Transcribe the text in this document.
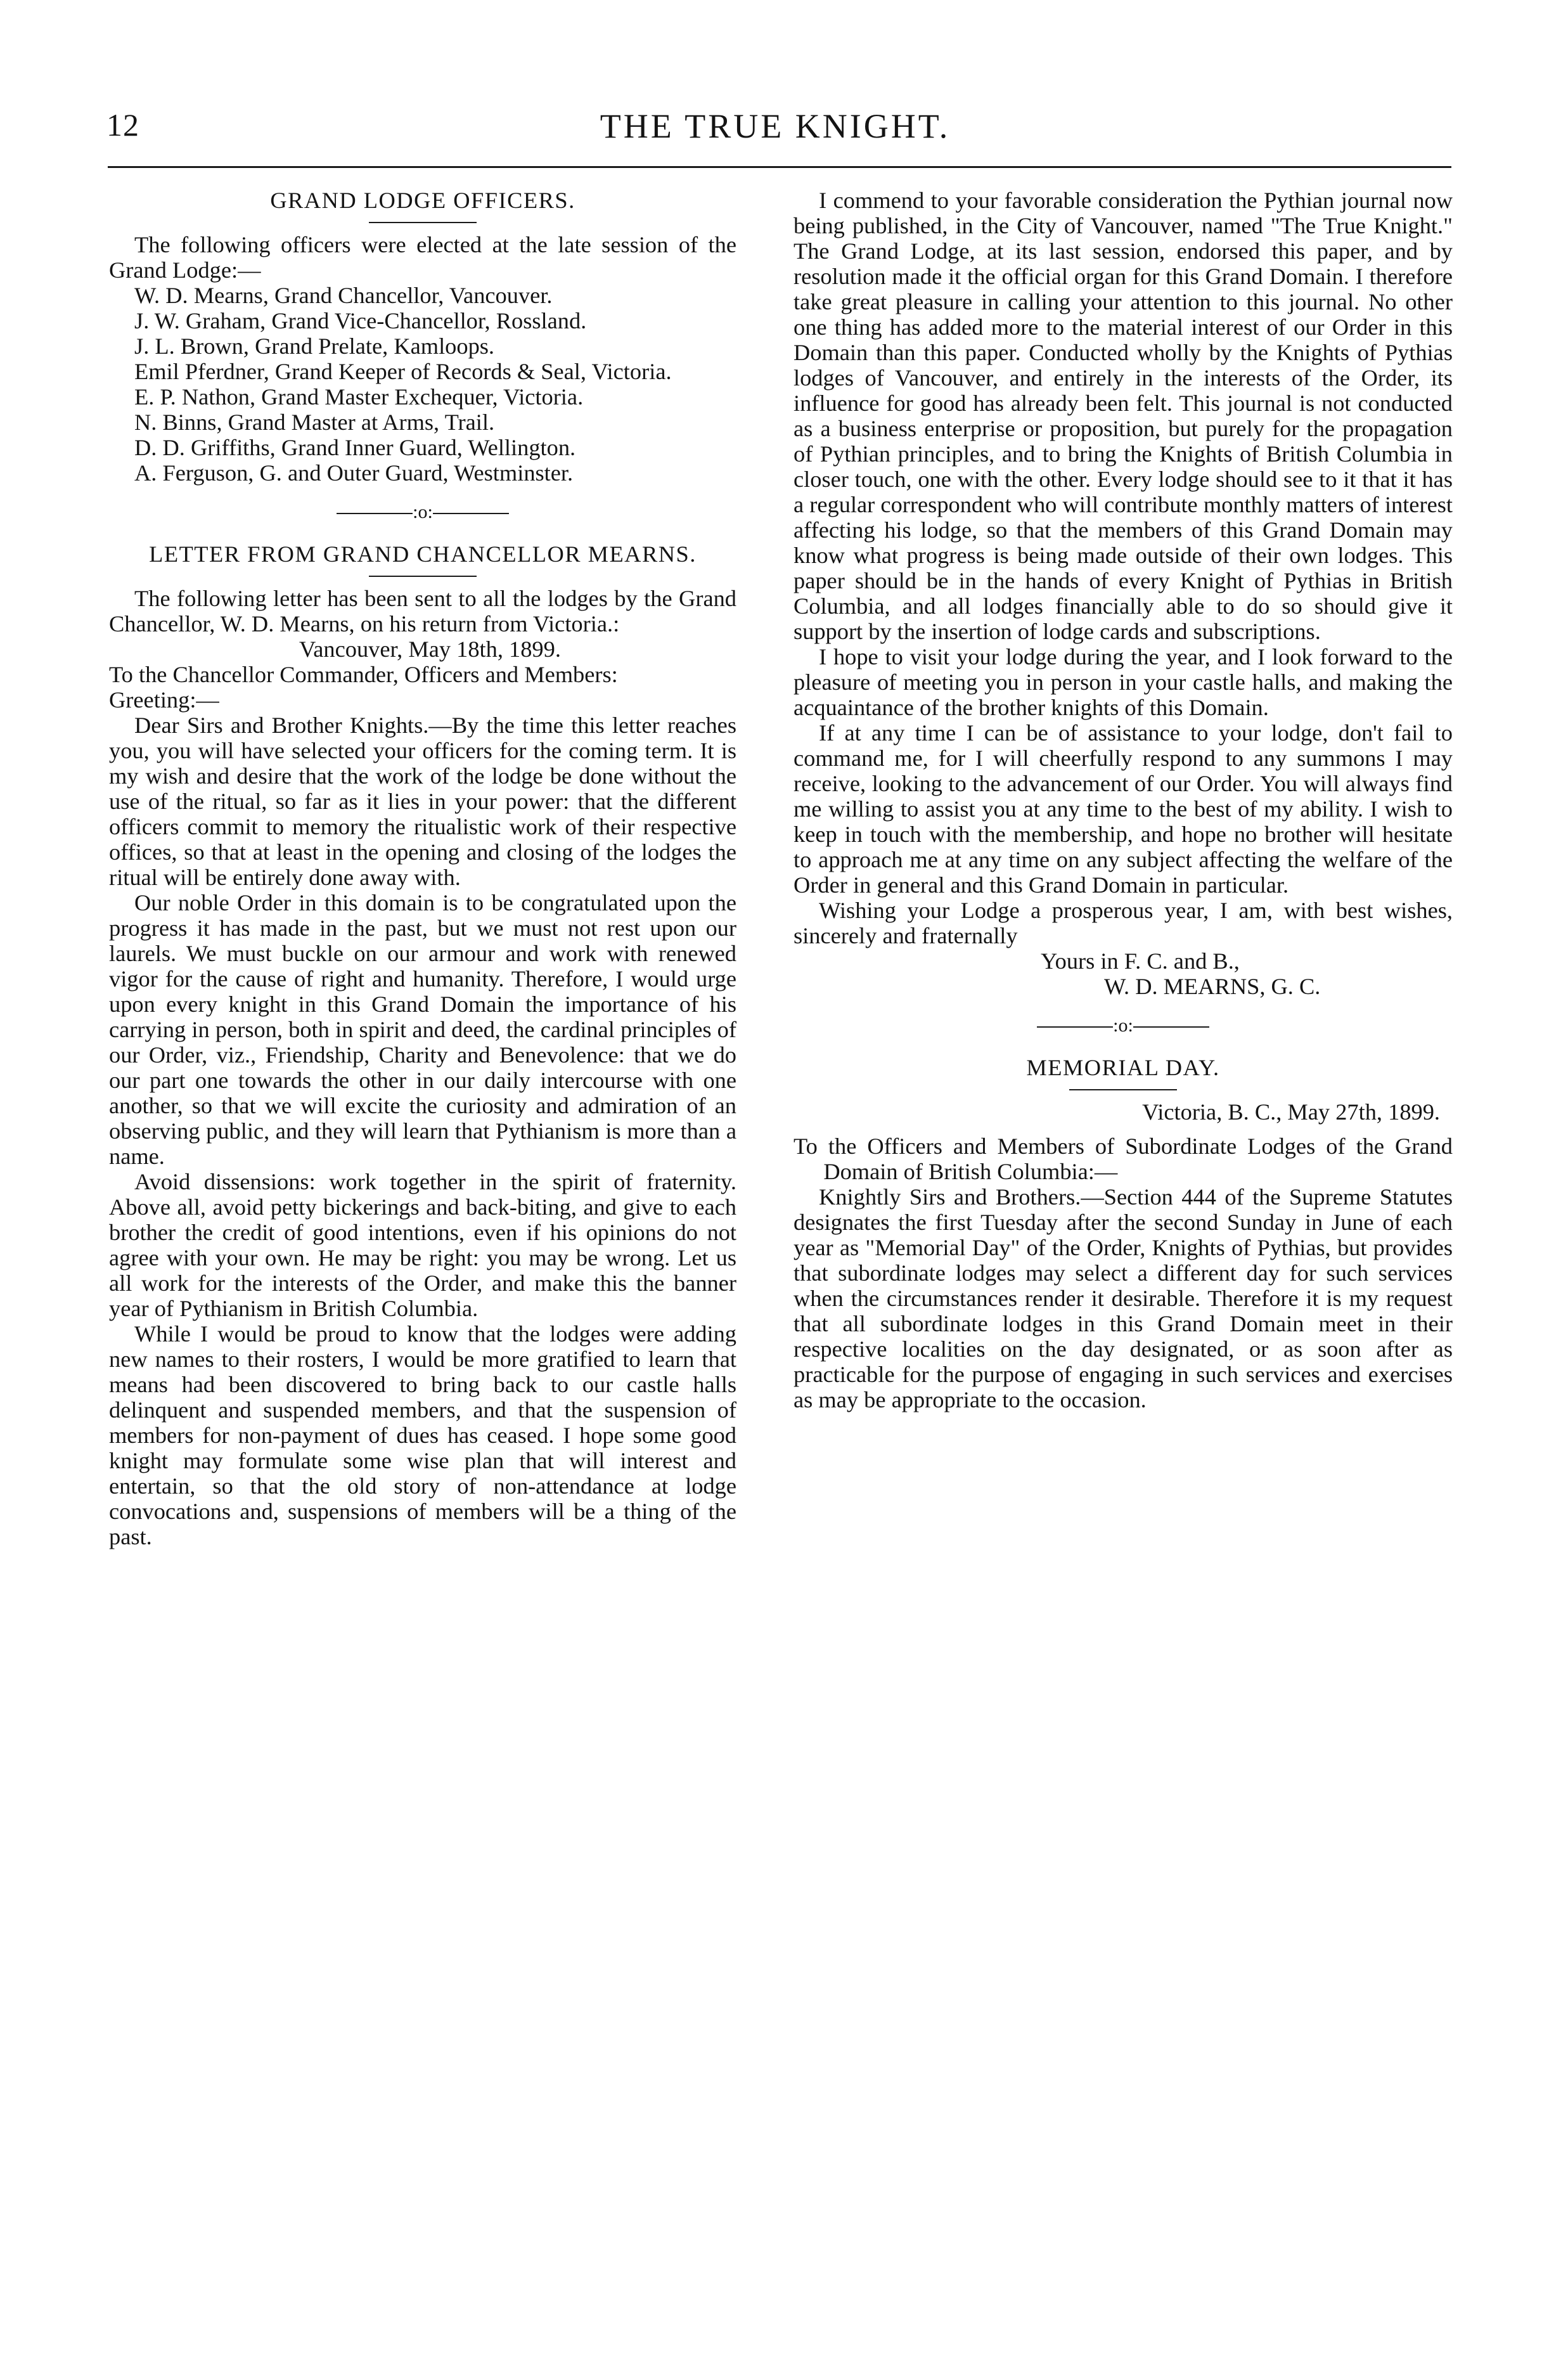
12	THE TRUE KNIGHT.
GRAND LODGE OFFICERS.

The following officers were elected at the late session of the Grand Lodge:—

W. D. Mearns, Grand Chancellor, Vancouver.

J. W. Graham, Grand Vice-Chancellor, Rossland.

J. L. Brown, Grand Prelate, Kamloops.

Emil Pferdner, Grand Keeper of Records & Seal, Victoria.

E. P. Nathon, Grand Master Exchequer, Victoria.

N. Binns, Grand Master at Arms, Trail.

D. D. Griffiths, Grand Inner Guard, Wellington.

A. Ferguson, G. and Outer Guard, Westminster.

:o:
LETTER FROM GRAND CHANCELLOR MEARNS.

The following letter has been sent to all the lodges by the Grand Chancellor, W. D. Mearns, on his return from Victoria.:

Vancouver, May 18th, 1899.

To the Chancellor Commander, Officers and Members:

Greeting:—

Dear Sirs and Brother Knights.—By the time this letter reaches you, you will have selected your officers for the coming term. It is my wish and desire that the work of the lodge be done without the use of the ritual, so far as it lies in your power: that the different officers commit to memory the ritualistic work of their respective offices, so that at least in the opening and closing of the lodges the ritual will be entirely done away with.

Our noble Order in this domain is to be congratulated upon the progress it has made in the past, but we must not rest upon our laurels. We must buckle on our armour and work with renewed vigor for the cause of right and humanity. Therefore, I would urge upon every knight in this Grand Domain the importance of his carrying in person, both in spirit and deed, the cardinal principles of our Order, viz., Friendship, Charity and Benevolence: that we do our part one towards the other in our daily intercourse with one another, so that we will excite the curiosity and admiration of an observing public, and they will learn that Pythianism is more than a name.

Avoid dissensions: work together in the spirit of fraternity. Above all, avoid petty bickerings and back-biting, and give to each brother the credit of good intentions, even if his opinions do not agree with your own. He may be right: you may be wrong. Let us all work for the interests of the Order, and make this the banner year of Pythianism in British Columbia.

While I would be proud to know that the lodges were adding new names to their rosters, I would be more gratified to learn that means had been discovered to bring back to our castle halls delinquent and suspended members, and that the suspension of members for non-payment of dues has ceased. I hope some good knight may formulate some wise plan that will interest and entertain, so that the old story of non-attendance at lodge convocations and, suspensions of members will be a thing of the past.

I commend to your favorable consideration the Pythian journal now being published, in the City of Vancouver, named "The True Knight." The Grand Lodge, at its last session, endorsed this paper, and by resolution made it the official organ for this Grand Domain. I therefore take great pleasure in calling your attention to this journal. No other one thing has added more to the material interest of our Order in this Domain than this paper. Conducted wholly by the Knights of Pythias lodges of Vancouver, and entirely in the interests of the Order, its influence for good has already been felt. This journal is not conducted as a business enterprise or proposition, but purely for the propagation of Pythian principles, and to bring the Knights of British Columbia in closer touch, one with the other. Every lodge should see to it that it has a regular correspondent who will contribute monthly matters of interest affecting his lodge, so that the members of this Grand Domain may know what progress is being made outside of their own lodges. This paper should be in the hands of every Knight of Pythias in British Columbia, and all lodges financially able to do so should give it support by the insertion of lodge cards and subscriptions.

I hope to visit your lodge during the year, and I look forward to the pleasure of meeting you in person in your castle halls, and making the acquaintance of the brother knights of this Domain.

If at any time I can be of assistance to your lodge, don't fail to command me, for I will cheerfully respond to any summons I may receive, looking to the advancement of our Order. You will always find me willing to assist you at any time to the best of my ability. I wish to keep in touch with the membership, and hope no brother will hesitate to approach me at any time on any subject affecting the welfare of the Order in general and this Grand Domain in particular.

Wishing your Lodge a prosperous year, I am, with best wishes, sincerely and fraternally

Yours in F. C. and B.,

W. D. MEARNS, G. C.

:o:
MEMORIAL DAY.

Victoria, B. C., May 27th, 1899.

To the Officers and Members of Subordinate Lodges of the Grand Domain of British Columbia:—

Knightly Sirs and Brothers.—Section 444 of the Supreme Statutes designates the first Tuesday after the second Sunday in June of each year as "Memorial Day" of the Order, Knights of Pythias, but provides that subordinate lodges may select a different day for such services when the circumstances render it desirable. Therefore it is my request that all subordinate lodges in this Grand Domain meet in their respective localities on the day designated, or as soon after as practicable for the purpose of engaging in such services and exercises as may be appropriate to the occasion.
